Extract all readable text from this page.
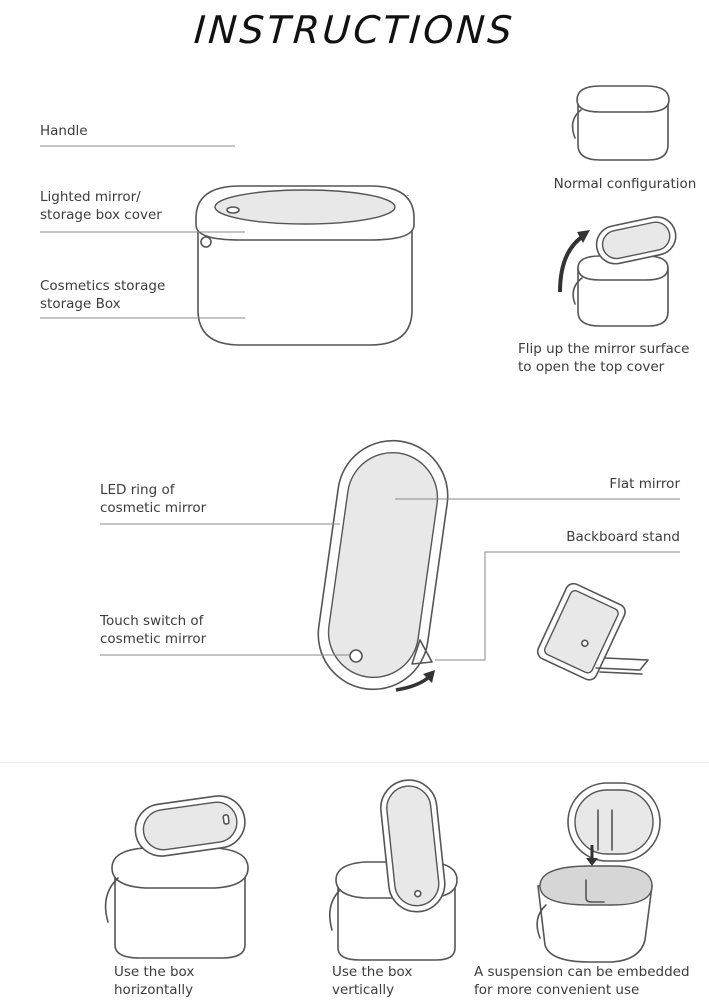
INSTRUCTIONS
Handle
Lighted mirror/
storage box cover
Cosmetics storage
storage Box
Normal configuration
Flip up the mirror surface
to open the top cover
LED ring of
cosmetic mirror
Touch switch of
cosmetic mirror
Flat mirror
Backboard stand
Use the box
horizontally
Use the box
vertically
A suspension can be embedded
for more convenient use
